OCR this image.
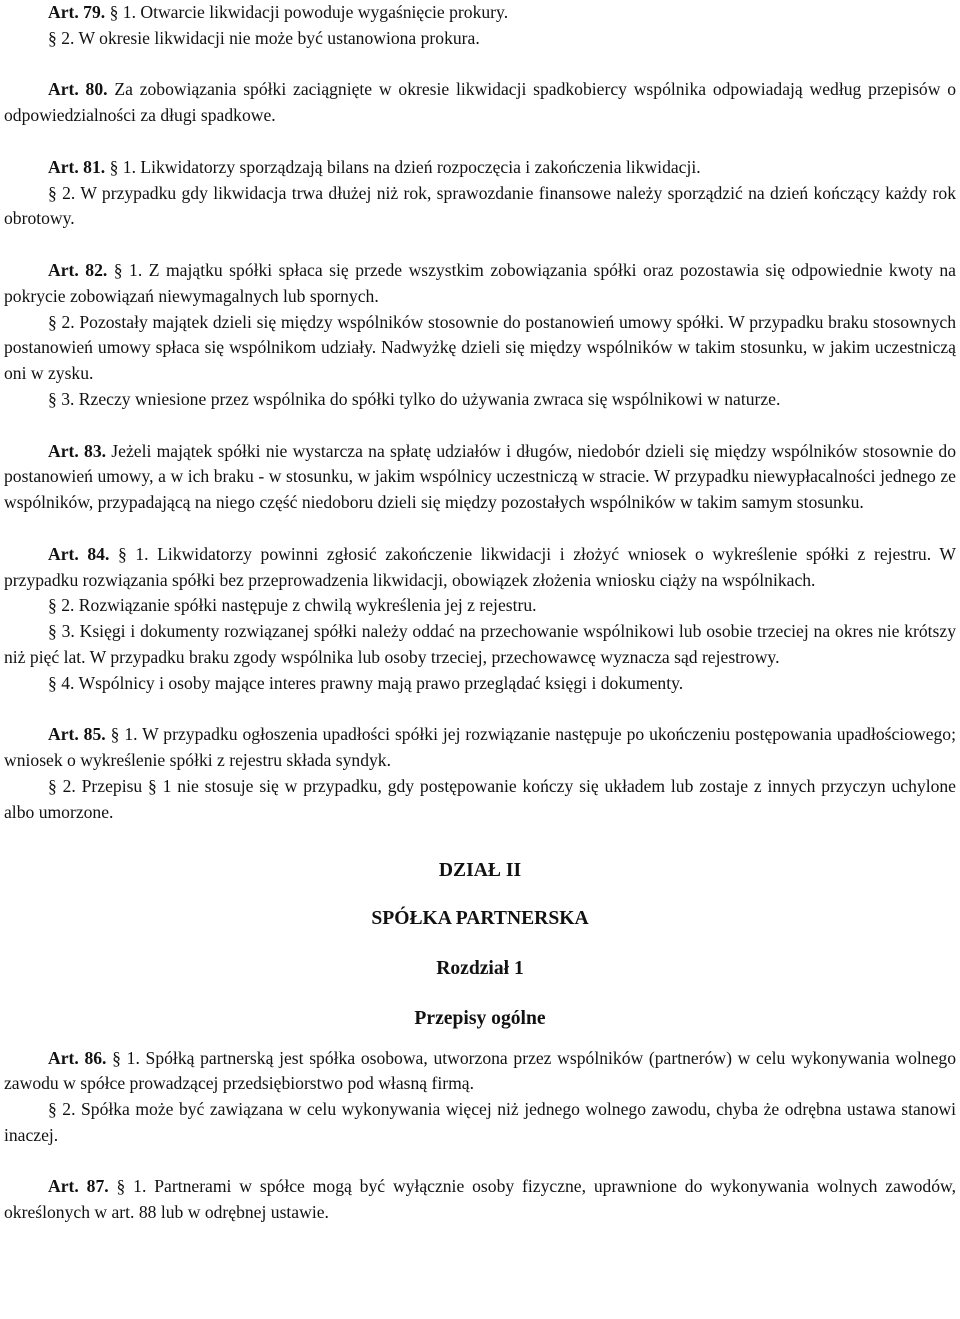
Art. 79. § 1. Otwarcie likwidacji powoduje wygaśnięcie prokury.

§ 2. W okresie likwidacji nie może być ustanowiona prokura.

Art. 80. Za zobowiązania spółki zaciągnięte w okresie likwidacji spadkobiercy wspólnika odpowiadają według przepisów o odpowiedzialności za długi spadkowe.

Art. 81. § 1. Likwidatorzy sporządzają bilans na dzień rozpoczęcia i zakończenia likwidacji.

§ 2. W przypadku gdy likwidacja trwa dłużej niż rok, sprawozdanie finansowe należy sporządzić na dzień kończący każdy rok obrotowy.

Art. 82. § 1. Z majątku spółki spłaca się przede wszystkim zobowiązania spółki oraz pozostawia się odpowiednie kwoty na pokrycie zobowiązań niewymagalnych lub spornych.

§ 2. Pozostały majątek dzieli się między wspólników stosownie do postanowień umowy spółki. W przypadku braku stosownych postanowień umowy spłaca się wspólnikom udziały. Nadwyżkę dzieli się między wspólników w takim stosunku, w jakim uczestniczą oni w zysku.

§ 3. Rzeczy wniesione przez wspólnika do spółki tylko do używania zwraca się wspólnikowi w naturze.

Art. 83. Jeżeli majątek spółki nie wystarcza na spłatę udziałów i długów, niedobór dzieli się między wspólników stosownie do postanowień umowy, a w ich braku - w stosunku, w jakim wspólnicy uczestniczą w stracie. W przypadku niewypłacalności jednego ze wspólników, przypadającą na niego część niedoboru dzieli się między pozostałych wspólników w takim samym stosunku.

Art. 84. § 1. Likwidatorzy powinni zgłosić zakończenie likwidacji i złożyć wniosek o wykreślenie spółki z rejestru. W przypadku rozwiązania spółki bez przeprowadzenia likwidacji, obowiązek złożenia wniosku ciąży na wspólnikach.

§ 2. Rozwiązanie spółki następuje z chwilą wykreślenia jej z rejestru.

§ 3. Księgi i dokumenty rozwiązanej spółki należy oddać na przechowanie wspólnikowi lub osobie trzeciej na okres nie krótszy niż pięć lat. W przypadku braku zgody wspólnika lub osoby trzeciej, przechowawcę wyznacza sąd rejestrowy.

§ 4. Wspólnicy i osoby mające interes prawny mają prawo przeglądać księgi i dokumenty.

Art. 85. § 1. W przypadku ogłoszenia upadłości spółki jej rozwiązanie następuje po ukończeniu postępowania upadłościowego; wniosek o wykreślenie spółki z rejestru składa syndyk.

§ 2. Przepisu § 1 nie stosuje się w przypadku, gdy postępowanie kończy się układem lub zostaje z innych przyczyn uchylone albo umorzone.

DZIAŁ II

SPÓŁKA PARTNERSKA

Rozdział 1

Przepisy ogólne

Art. 86. § 1. Spółką partnerską jest spółka osobowa, utworzona przez wspólników (partnerów) w celu wykonywania wolnego zawodu w spółce prowadzącej przedsiębiorstwo pod własną firmą.

§ 2. Spółka może być zawiązana w celu wykonywania więcej niż jednego wolnego zawodu, chyba że odrębna ustawa stanowi inaczej.

Art. 87. § 1. Partnerami w spółce mogą być wyłącznie osoby fizyczne, uprawnione do wykonywania wolnych zawodów, określonych w art. 88 lub w odrębnej ustawie.
